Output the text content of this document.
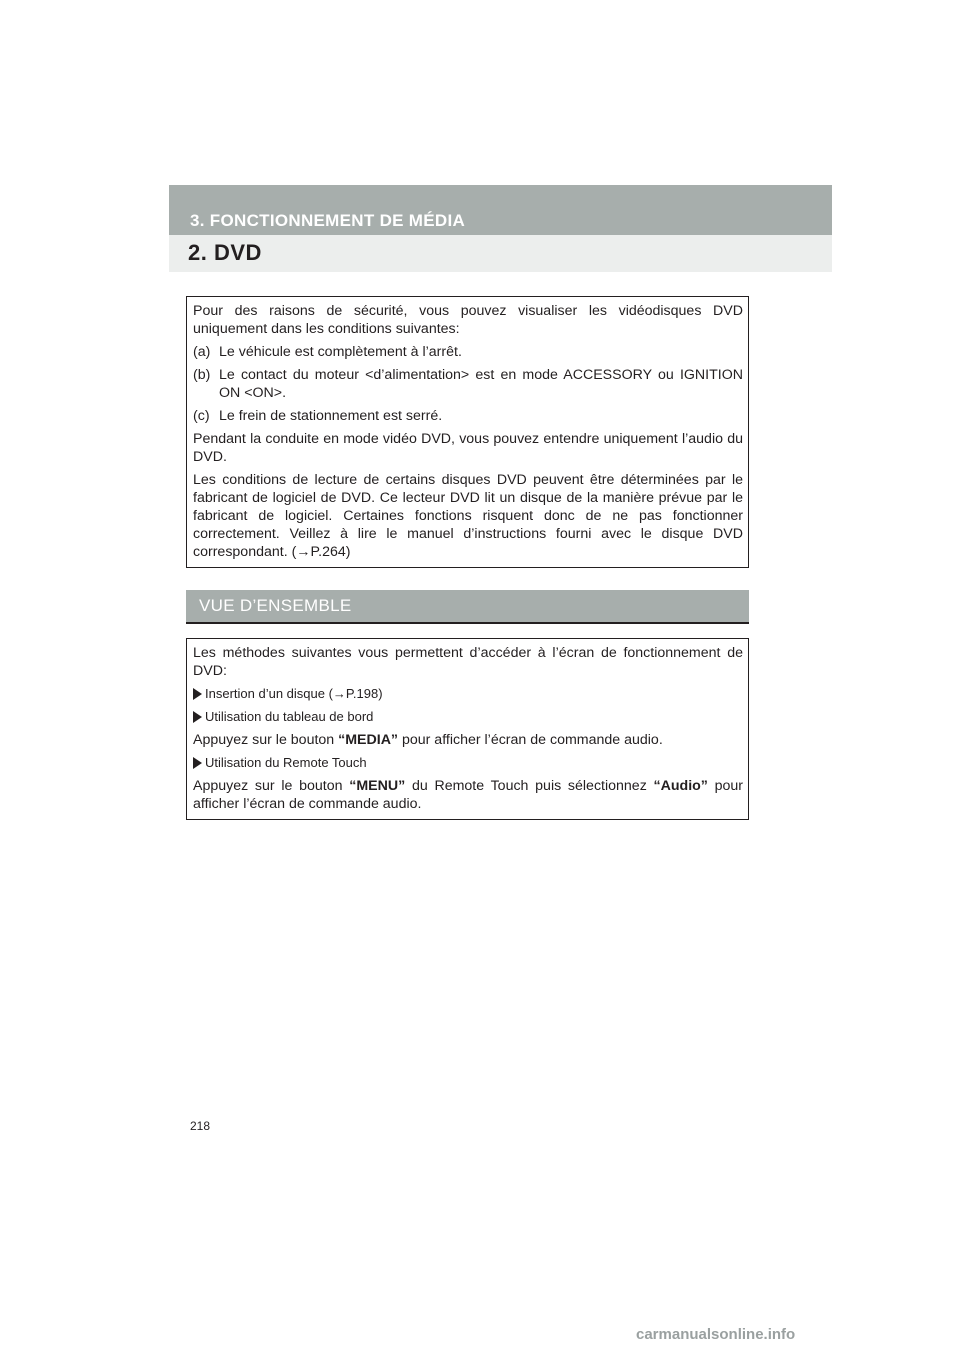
3. FONCTIONNEMENT DE MÉDIA
2. DVD

Pour des raisons de sécurité, vous pouvez visualiser les vidéodisques DVD uniquement dans les conditions suivantes:

(a) Le véhicule est complètement à l’arrêt.
(b) Le contact du moteur <d’alimentation> est en mode ACCESSORY ou IGNITION ON <ON>.
(c) Le frein de stationnement est serré.

Pendant la conduite en mode vidéo DVD, vous pouvez entendre uniquement l’audio du DVD.

Les conditions de lecture de certains disques DVD peuvent être déterminées par le fabricant de logiciel de DVD. Ce lecteur DVD lit un disque de la manière prévue par le fabricant de logiciel. Certaines fonctions risquent donc de ne pas fonctionner correctement. Veillez à lire le manuel d’instructions fourni avec le disque DVD correspondant. (→P.264)

VUE D’ENSEMBLE

Les méthodes suivantes vous permettent d’accéder à l’écran de fonctionnement de DVD:

Insertion d’un disque (→P.198)
Utilisation du tableau de bord

Appuyez sur le bouton “MEDIA” pour afficher l’écran de commande audio.

Utilisation du Remote Touch

Appuyez sur le bouton “MENU” du Remote Touch puis sélectionnez “Audio” pour afficher l’écran de commande audio.

218
carmanualsonline.info
